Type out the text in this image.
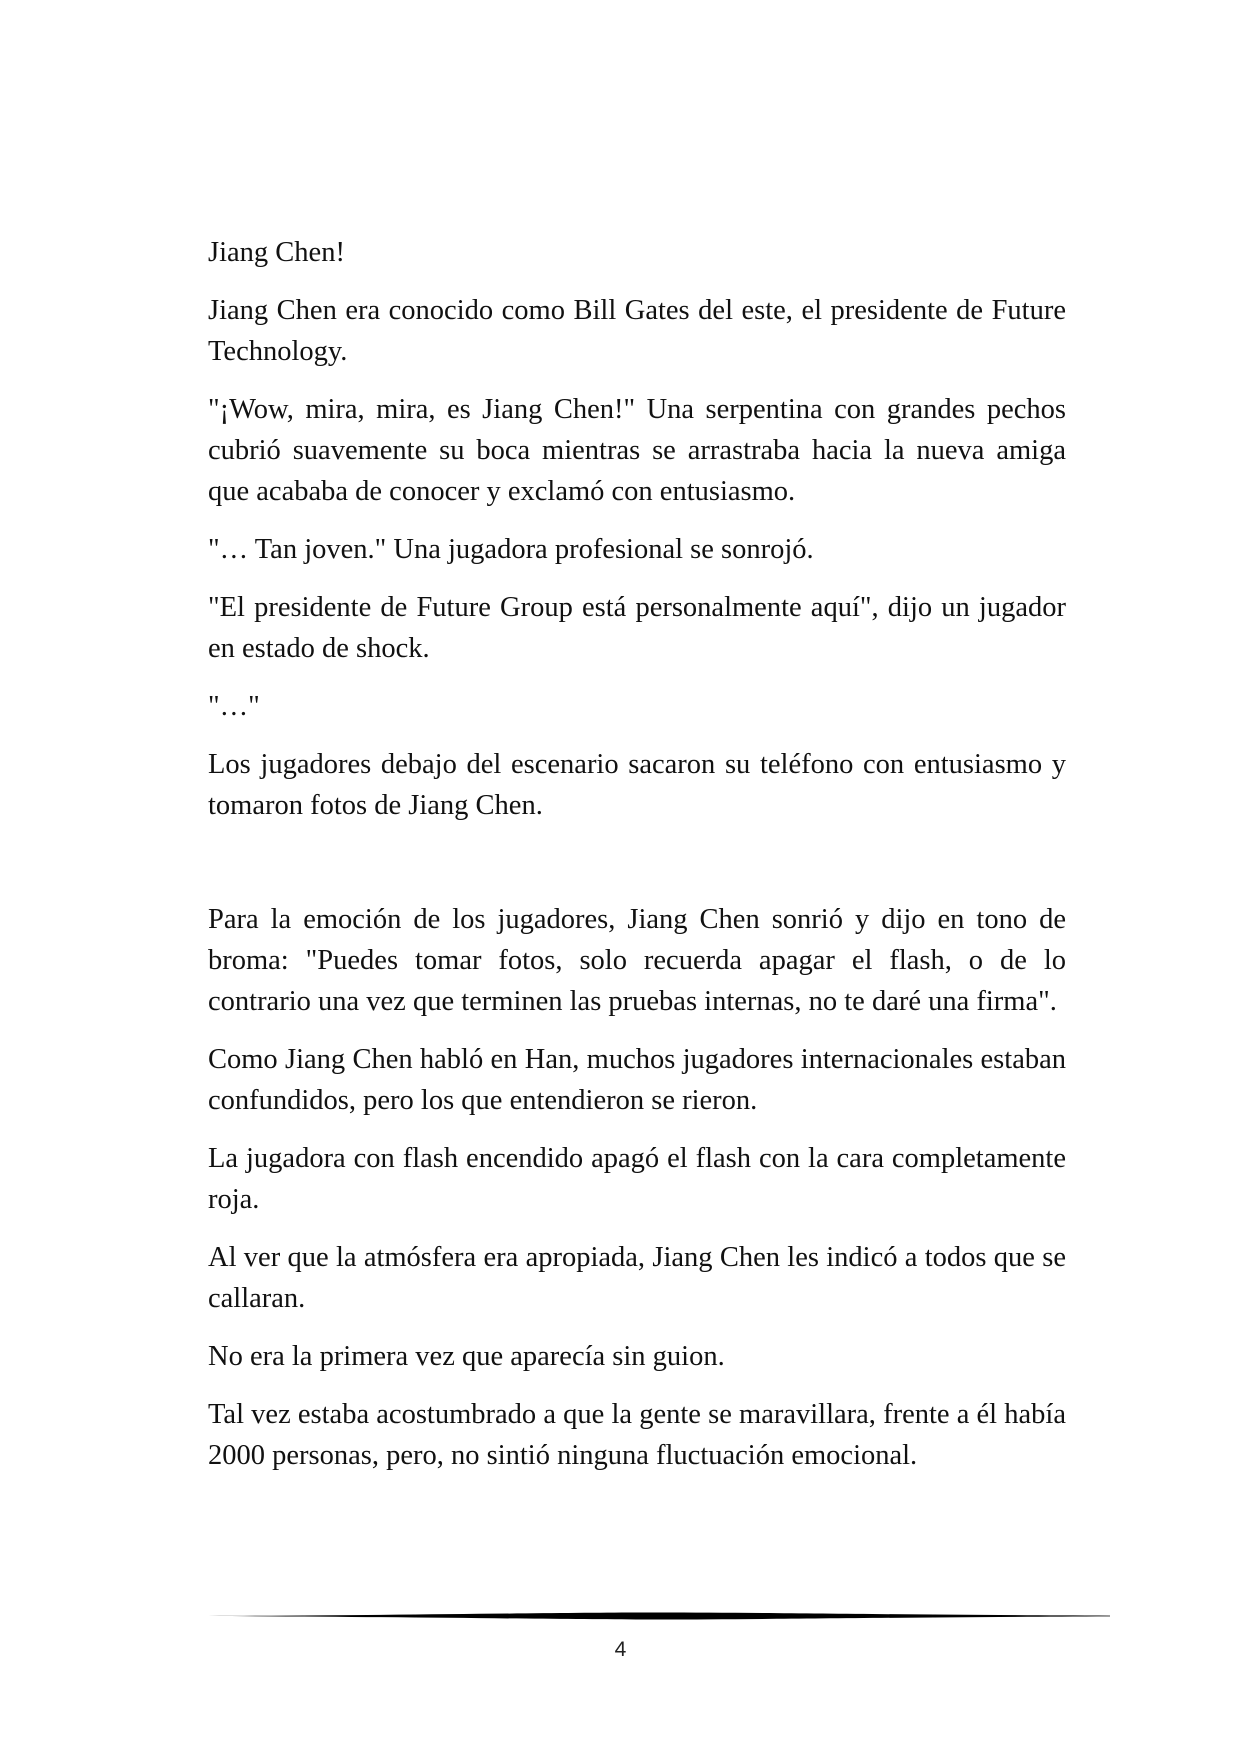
Jiang Chen!

Jiang Chen era conocido como Bill Gates del este, el presidente de Future Technology.

"¡Wow, mira, mira, es Jiang Chen!" Una serpentina con grandes pechos cubrió suavemente su boca mientras se arrastraba hacia la nueva amiga que acababa de conocer y exclamó con entusiasmo.

"… Tan joven." Una jugadora profesional se sonrojó.

"El presidente de Future Group está personalmente aquí", dijo un jugador en estado de shock.

"…"

Los jugadores debajo del escenario sacaron su teléfono con entusiasmo y tomaron fotos de Jiang Chen.

Para la emoción de los jugadores, Jiang Chen sonrió y dijo en tono de broma: "Puedes tomar fotos, solo recuerda apagar el flash, o de lo contrario una vez que terminen las pruebas internas, no te daré una firma".

Como Jiang Chen habló en Han, muchos jugadores internacionales estaban confundidos, pero los que entendieron se rieron.

La jugadora con flash encendido apagó el flash con la cara completamente roja.

Al ver que la atmósfera era apropiada, Jiang Chen les indicó a todos que se callaran.

No era la primera vez que aparecía sin guion.

Tal vez estaba acostumbrado a que la gente se maravillara, frente a él había 2000 personas, pero, no sintió ninguna fluctuación emocional.

4
